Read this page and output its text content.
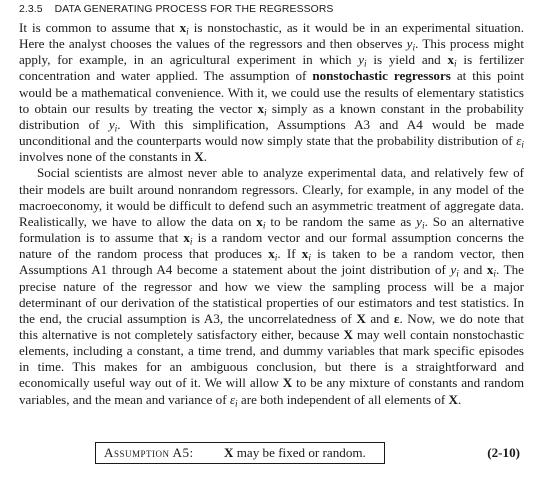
2.3.5 DATA GENERATING PROCESS FOR THE REGRESSORS

It is common to assume that $x_i$ is nonstochastic, as it would be in an experimental situation. Here the analyst chooses the values of the regressors and then observes $y_i$. This process might apply, for example, in an agricultural experiment in which $y_i$ is yield and $x_i$ is fertilizer concentration and water applied. The assumption of nonstochastic regressors at this point would be a mathematical convenience. With it, we could use the results of elementary statistics to obtain our results by treating the vector $x_i$ simply as a known constant in the probability distribution of $y_i$. With this simplification, Assumptions A3 and A4 would be made unconditional and the counterparts would now simply state that the probability distribution of $\varepsilon_i$ involves none of the constants in X.

Social scientists are almost never able to analyze experimental data, and relatively few of their models are built around nonrandom regressors. Clearly, for example, in any model of the macroeconomy, it would be difficult to defend such an asymmetric treatment of aggregate data. Realistically, we have to allow the data on $x_i$ to be random the same as $y_i$. So an alternative formulation is to assume that $x_i$ is a random vector and our formal assumption concerns the nature of the random process that produces $x_i$. If $x_i$ is taken to be a random vector, then Assumptions A1 through A4 become a statement about the joint distribution of $y_i$ and $x_i$. The precise nature of the regressor and how we view the sampling process will be a major determinant of our derivation of the statistical properties of our estimators and test statistics. In the end, the crucial assumption is A3, the uncorrelatedness of X and ε. Now, we do note that this alternative is not completely satisfactory either, because X may well contain nonstochastic elements, including a constant, a time trend, and dummy variables that mark specific episodes in time. This makes for an ambiguous conclusion, but there is a straightforward and economically useful way out of it. We will allow X to be any mixture of constants and random variables, and the mean and variance of $\varepsilon_i$ are both independent of all elements of X.

Assumption A5: X may be fixed or random.	(2-10)
